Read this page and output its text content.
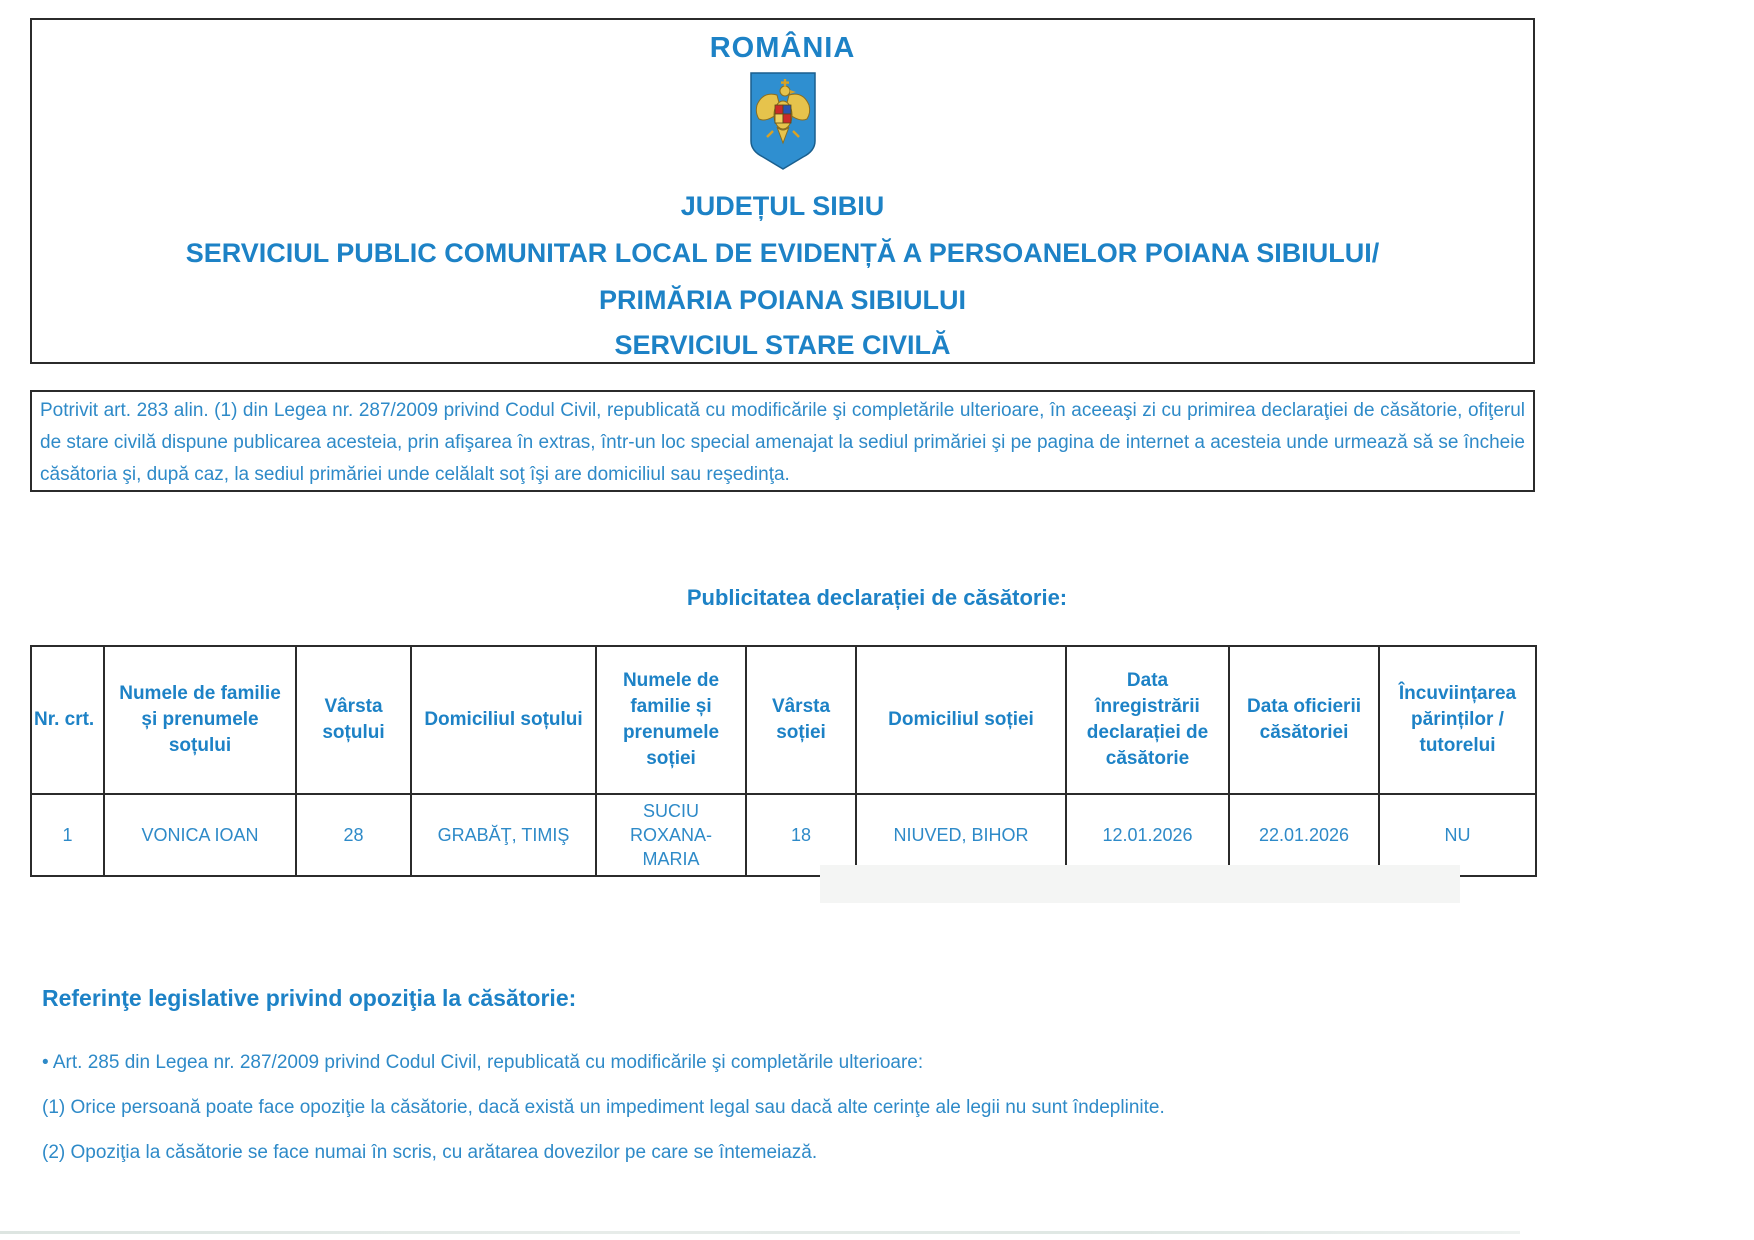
ROMÂNIA
JUDEȚUL SIBIU
SERVICIUL PUBLIC COMUNITAR LOCAL DE EVIDENȚĂ A PERSOANELOR POIANA SIBIULUI/
PRIMĂRIA POIANA SIBIULUI
SERVICIUL STARE CIVILĂ
Potrivit art. 283 alin. (1) din Legea nr. 287/2009 privind Codul Civil, republicată cu modificările şi completările ulterioare, în aceeaşi zi cu primirea declaraţiei de căsătorie, ofiţerul de stare civilă dispune publicarea acesteia, prin afişarea în extras, într-un loc special amenajat la sediul primăriei şi pe pagina de internet a acesteia unde urmează să se încheie căsătoria şi, după caz, la sediul primăriei unde celălalt soţ îşi are domiciliul sau reşedinţa.
Publicitatea declarației de căsătorie:
Nr. crt.	Numele de familie și prenumele soțului	Vârsta soțului	Domiciliul soțului	Numele de familie și prenumele soției	Vârsta soției	Domiciliul soției	Data înregistrării declarației de căsătorie	Data oficierii căsătoriei	Încuviințarea părinților / tutorelui
1	VONICA IOAN	28	GRABĂŢ, TIMIŞ	SUCIU ROXANA-MARIA	18	NIUVED, BIHOR	12.01.2026	22.01.2026	NU
Referinţe legislative privind opoziţia la căsătorie:
• Art. 285 din Legea nr. 287/2009 privind Codul Civil, republicată cu modificările şi completările ulterioare:
(1) Orice persoană poate face opoziţie la căsătorie, dacă există un impediment legal sau dacă alte cerinţe ale legii nu sunt îndeplinite.
(2) Opoziţia la căsătorie se face numai în scris, cu arătarea dovezilor pe care se întemeiază.
